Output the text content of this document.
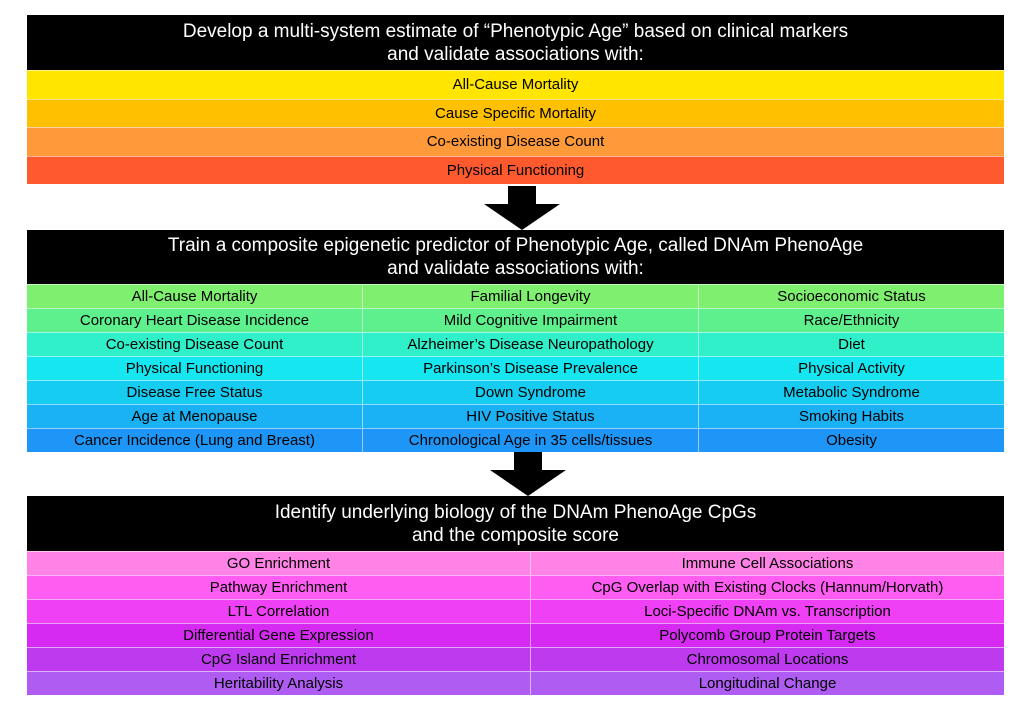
Develop a multi-system estimate of “Phenotypic Age” based on clinical markers
and validate associations with:
All-Cause Mortality
Cause Specific Mortality
Co-existing Disease Count
Physical Functioning
Train a composite epigenetic predictor of Phenotypic Age, called DNAm PhenoAge
and validate associations with:
All-Cause Mortality	Familial Longevity	Socioeconomic Status
Coronary Heart Disease Incidence	Mild Cognitive Impairment	Race/Ethnicity
Co-existing Disease Count	Alzheimer’s Disease Neuropathology	Diet
Physical Functioning	Parkinson’s Disease Prevalence	Physical Activity
Disease Free Status	Down Syndrome	Metabolic Syndrome
Age at Menopause	HIV Positive Status	Smoking Habits
Cancer Incidence (Lung and Breast)	Chronological Age in 35 cells/tissues	Obesity
Identify underlying biology of the DNAm PhenoAge CpGs
and the composite score
GO Enrichment	Immune Cell Associations
Pathway Enrichment	CpG Overlap with Existing Clocks (Hannum/Horvath)
LTL Correlation	Loci-Specific DNAm vs. Transcription
Differential Gene Expression	Polycomb Group Protein Targets
CpG Island Enrichment	Chromosomal Locations
Heritability Analysis	Longitudinal Change
